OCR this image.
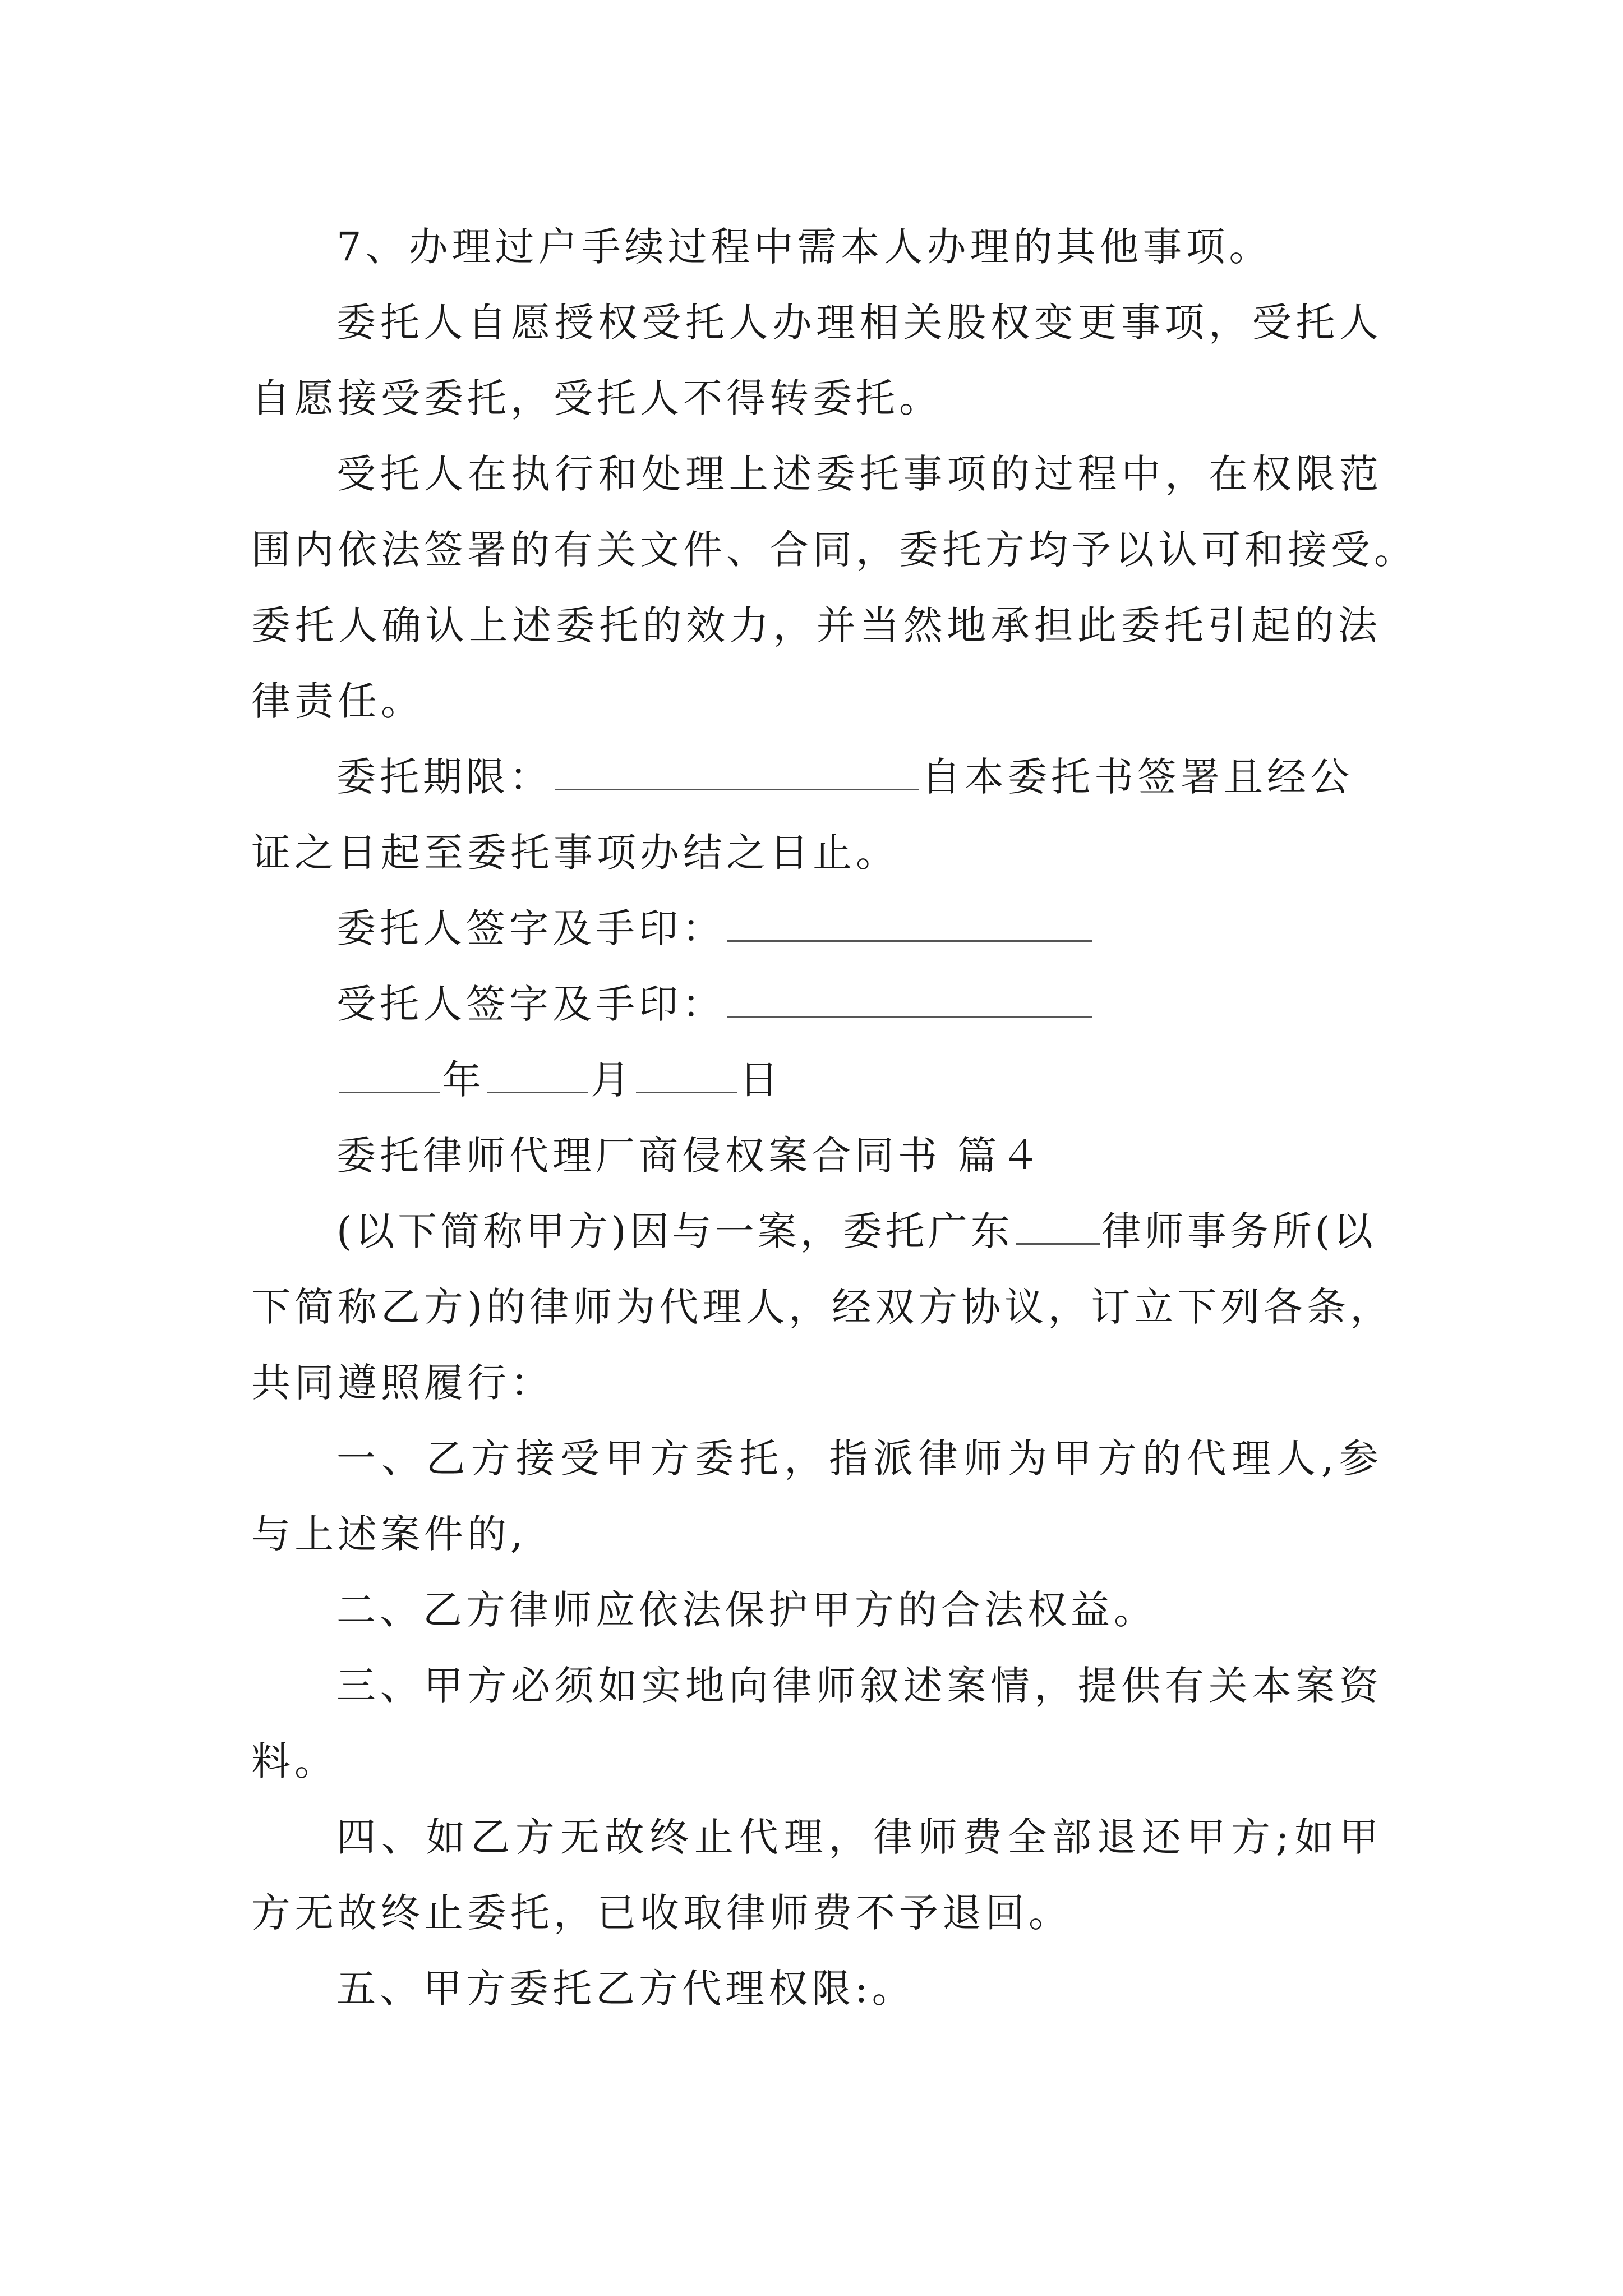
7、办理过户手续过程中需本人办理的其他事项。
委托人自愿授权受托人办理相关股权变更事项，受托人
自愿接受委托，受托人不得转委托。
受托人在执行和处理上述委托事项的过程中，在权限范
围内依法签署的有关文件、合同，委托方均予以认可和接受。
委托人确认上述委托的效力，并当然地承担此委托引起的法
律责任。
委托期限：	自本委托书签署且经公
证之日起至委托事项办结之日止。
委托人签字及手印：
受托人签字及手印：
年	月	日
委托律师代理厂商侵权案合同书 篇４
(以下简称甲方)因与一案，委托广东 律师事务所(以
下简称乙方)的律师为代理人，经双方协议，订立下列各条，
共同遵照履行：
一、乙方接受甲方委托，指派律师为甲方的代理人,参
与上述案件的,
二、乙方律师应依法保护甲方的合法权益。
三、甲方必须如实地向律师叙述案情，提供有关本案资
料。
四、如乙方无故终止代理，律师费全部退还甲方;如甲
方无故终止委托，已收取律师费不予退回。
五、甲方委托乙方代理权限:。
